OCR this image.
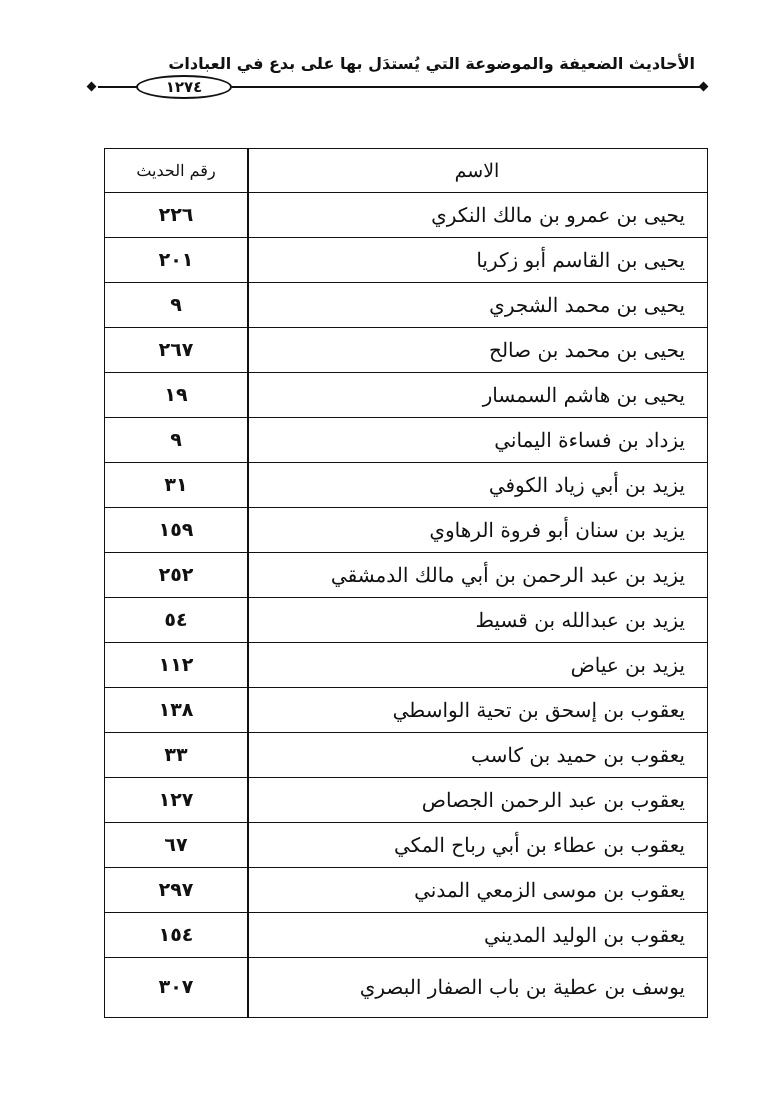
الأحاديث الضعيفة والموضوعة التي يُستدَل بها على بدع في العبادات
١٢٧٤
الاسم
رقم الحديث
يحيى بن عمرو بن مالك النكري
٢٢٦
يحيى بن القاسم أبو زكريا
٢٠١
يحيى بن محمد الشجري
٩
يحيى بن محمد بن صالح
٢٦٧
يحيى بن هاشم السمسار
١٩
يزداد بن فساءة اليماني
٩
يزيد بن أبي زياد الكوفي
٣١
يزيد بن سنان أبو فروة الرهاوي
١٥٩
يزيد بن عبد الرحمن بن أبي مالك الدمشقي
٢٥٢
يزيد بن عبدالله بن قسيط
٥٤
يزيد بن عياض
١١٢
يعقوب بن إسحق بن تحية الواسطي
١٣٨
يعقوب بن حميد بن كاسب
٣٣
يعقوب بن عبد الرحمن الجصاص
١٢٧
يعقوب بن عطاء بن أبي رباح المكي
٦٧
يعقوب بن موسى الزمعي المدني
٢٩٧
يعقوب بن الوليد المديني
١٥٤
يوسف بن عطية بن باب الصفار البصري
٣٠٧
